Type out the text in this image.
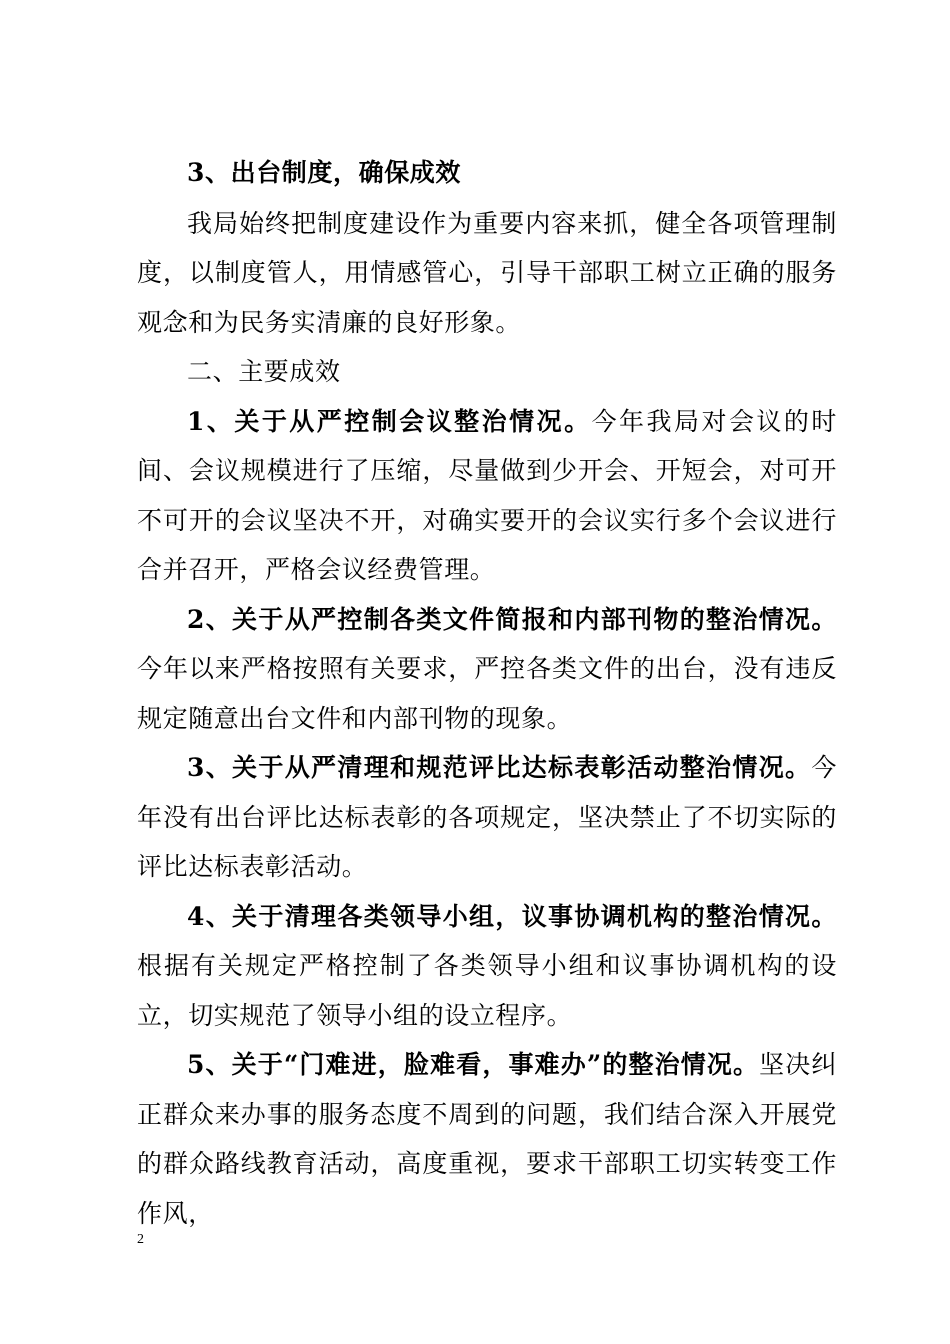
3、出台制度，确保成效

我局始终把制度建设作为重要内容来抓，健全各项管理制度，以制度管人，用情感管心，引导干部职工树立正确的服务观念和为民务实清廉的良好形象。

二、主要成效

1、关于从严控制会议整治情况。今年我局对会议的时间、会议规模进行了压缩，尽量做到少开会、开短会，对可开不可开的会议坚决不开，对确实要开的会议实行多个会议进行合并召开，严格会议经费管理。

2、关于从严控制各类文件简报和内部刊物的整治情况。今年以来严格按照有关要求，严控各类文件的出台，没有违反规定随意出台文件和内部刊物的现象。

3、关于从严清理和规范评比达标表彰活动整治情况。今年没有出台评比达标表彰的各项规定，坚决禁止了不切实际的评比达标表彰活动。

4、关于清理各类领导小组，议事协调机构的整治情况。根据有关规定严格控制了各类领导小组和议事协调机构的设立，切实规范了领导小组的设立程序。

5、关于“门难进，脸难看，事难办”的整治情况。坚决纠正群众来办事的服务态度不周到的问题，我们结合深入开展党的群众路线教育活动，高度重视，要求干部职工切实转变工作作风，

2
